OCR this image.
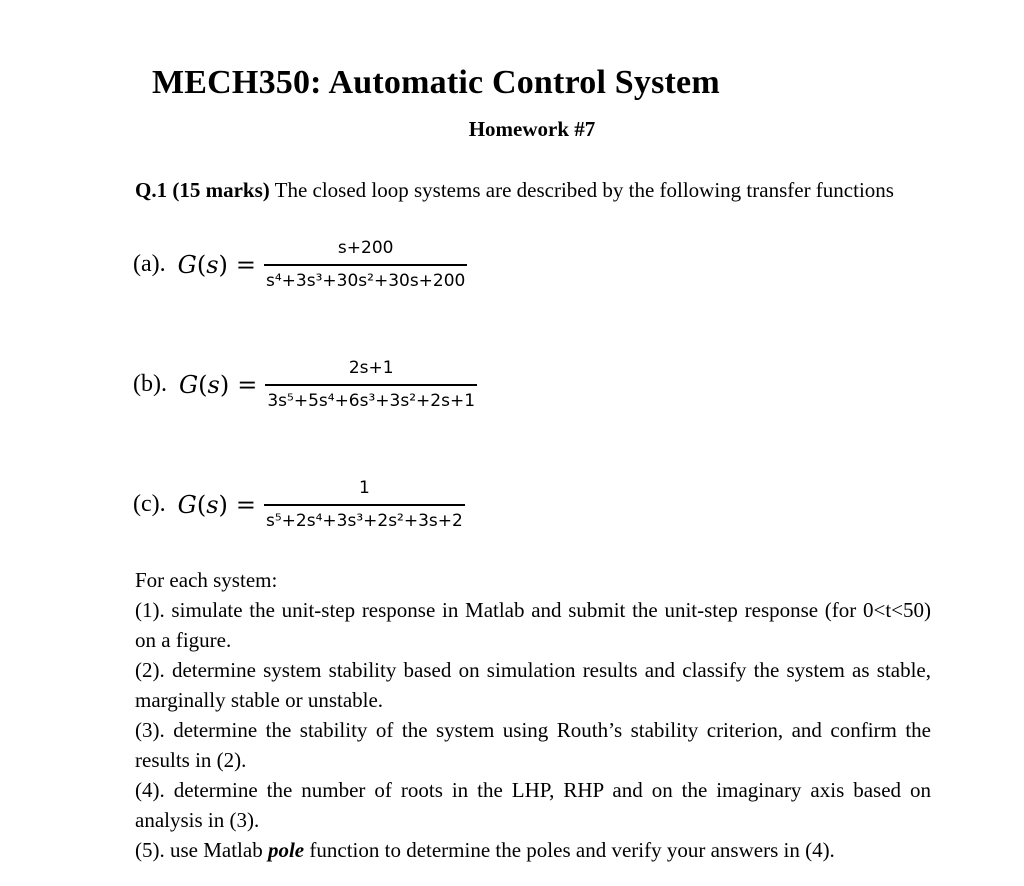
MECH350: Automatic Control System
Homework #7

Q.1 (15 marks) The closed loop systems are described by the following transfer functions

(a). $G(s) = \frac{s+200}{\text{s⁴+3s³+30s²+30s+200}}$
(b). $G(s) = \frac{2s+1}{\text{3s⁵+5s⁴+6s³+3s²+2s+1}}$
(c). $G(s) = \frac{1}{\text{s⁵+2s⁴+3s³+2s²+3s+2}}$
For each system:
(1). simulate the unit-step response in Matlab and submit the unit-step response (for 0<t<50) on a figure.
(2). determine system stability based on simulation results and classify the system as stable, marginally stable or unstable.
(3). determine the stability of the system using Routh’s stability criterion, and confirm the results in (2).
(4). determine the number of roots in the LHP, RHP and on the imaginary axis based on analysis in (3).
(5). use Matlab pole function to determine the poles and verify your answers in (4).
